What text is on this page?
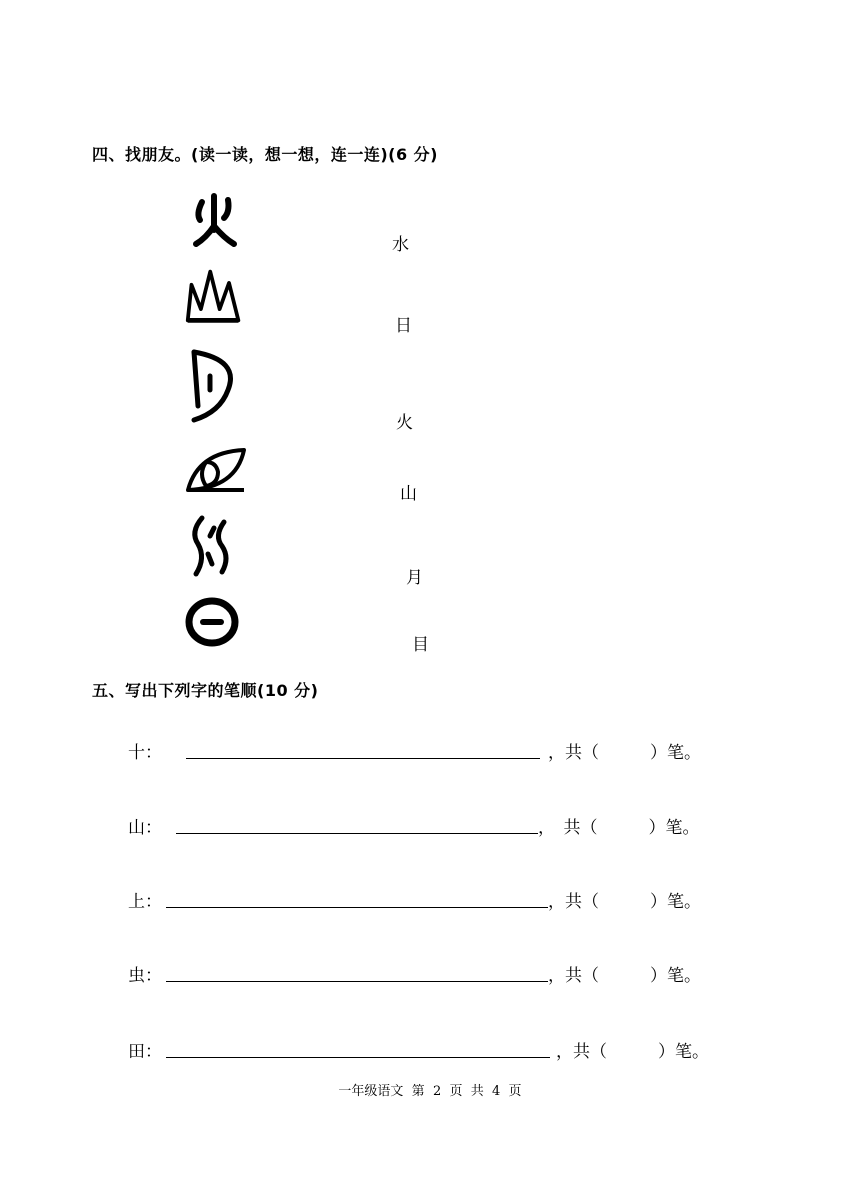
四、找朋友。(读一读，想一想，连一连)(6 分)
水
日
火
山
月
目
五、写出下列字的笔顺(10 分)
十：	，共（　　　）笔。
山：	，　共（　　　）笔。
上：	，共（　　　）笔。
虫：	，共（　　　）笔。
田：	，共（　　　）笔。
一年级语文  第  2  页  共  4  页
